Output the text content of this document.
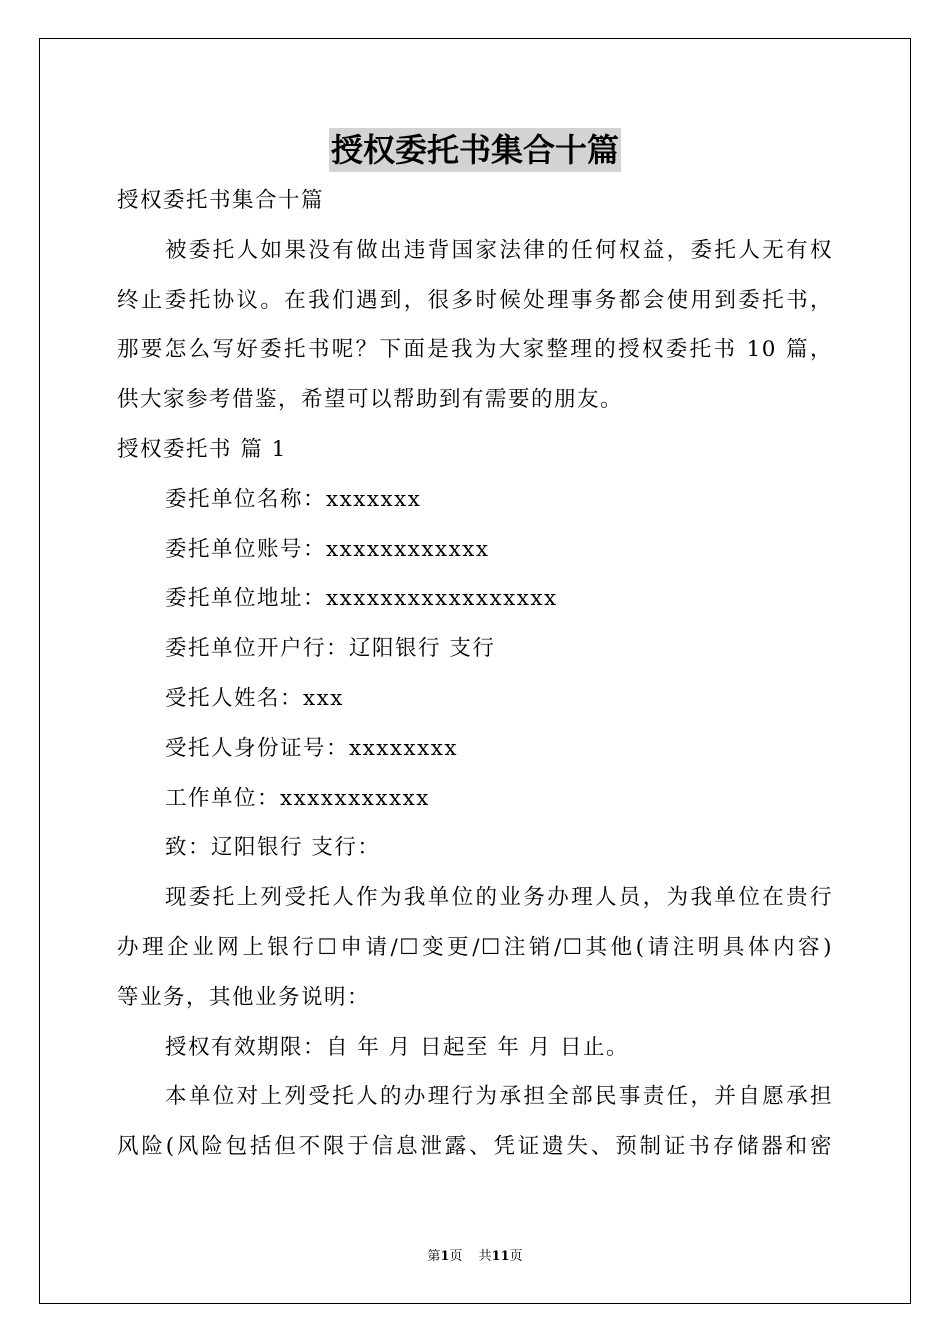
授权委托书集合十篇
授权委托书集合十篇
被委托人如果没有做出违背国家法律的任何权益，委托人无有权
终止委托协议。在我们遇到，很多时候处理事务都会使用到委托书，
那要怎么写好委托书呢？下面是我为大家整理的授权委托书 10 篇，
供大家参考借鉴，希望可以帮助到有需要的朋友。
授权委托书 篇 1
委托单位名称：xxxxxxx
委托单位账号：xxxxxxxxxxxx
委托单位地址：xxxxxxxxxxxxxxxxx
委托单位开户行：辽阳银行 支行
受托人姓名：xxx
受托人身份证号：xxxxxxxx
工作单位：xxxxxxxxxxx
致：辽阳银行 支行：
现委托上列受托人作为我单位的业务办理人员，为我单位在贵行
办理企业网上银行☐申请/☐变更/☐注销/☐其他(请注明具体内容)
等业务，其他业务说明：
授权有效期限：自 年 月 日起至 年 月 日止。
本单位对上列受托人的办理行为承担全部民事责任，并自愿承担
风险(风险包括但不限于信息泄露、凭证遗失、预制证书存储器和密
第1页 共11页
